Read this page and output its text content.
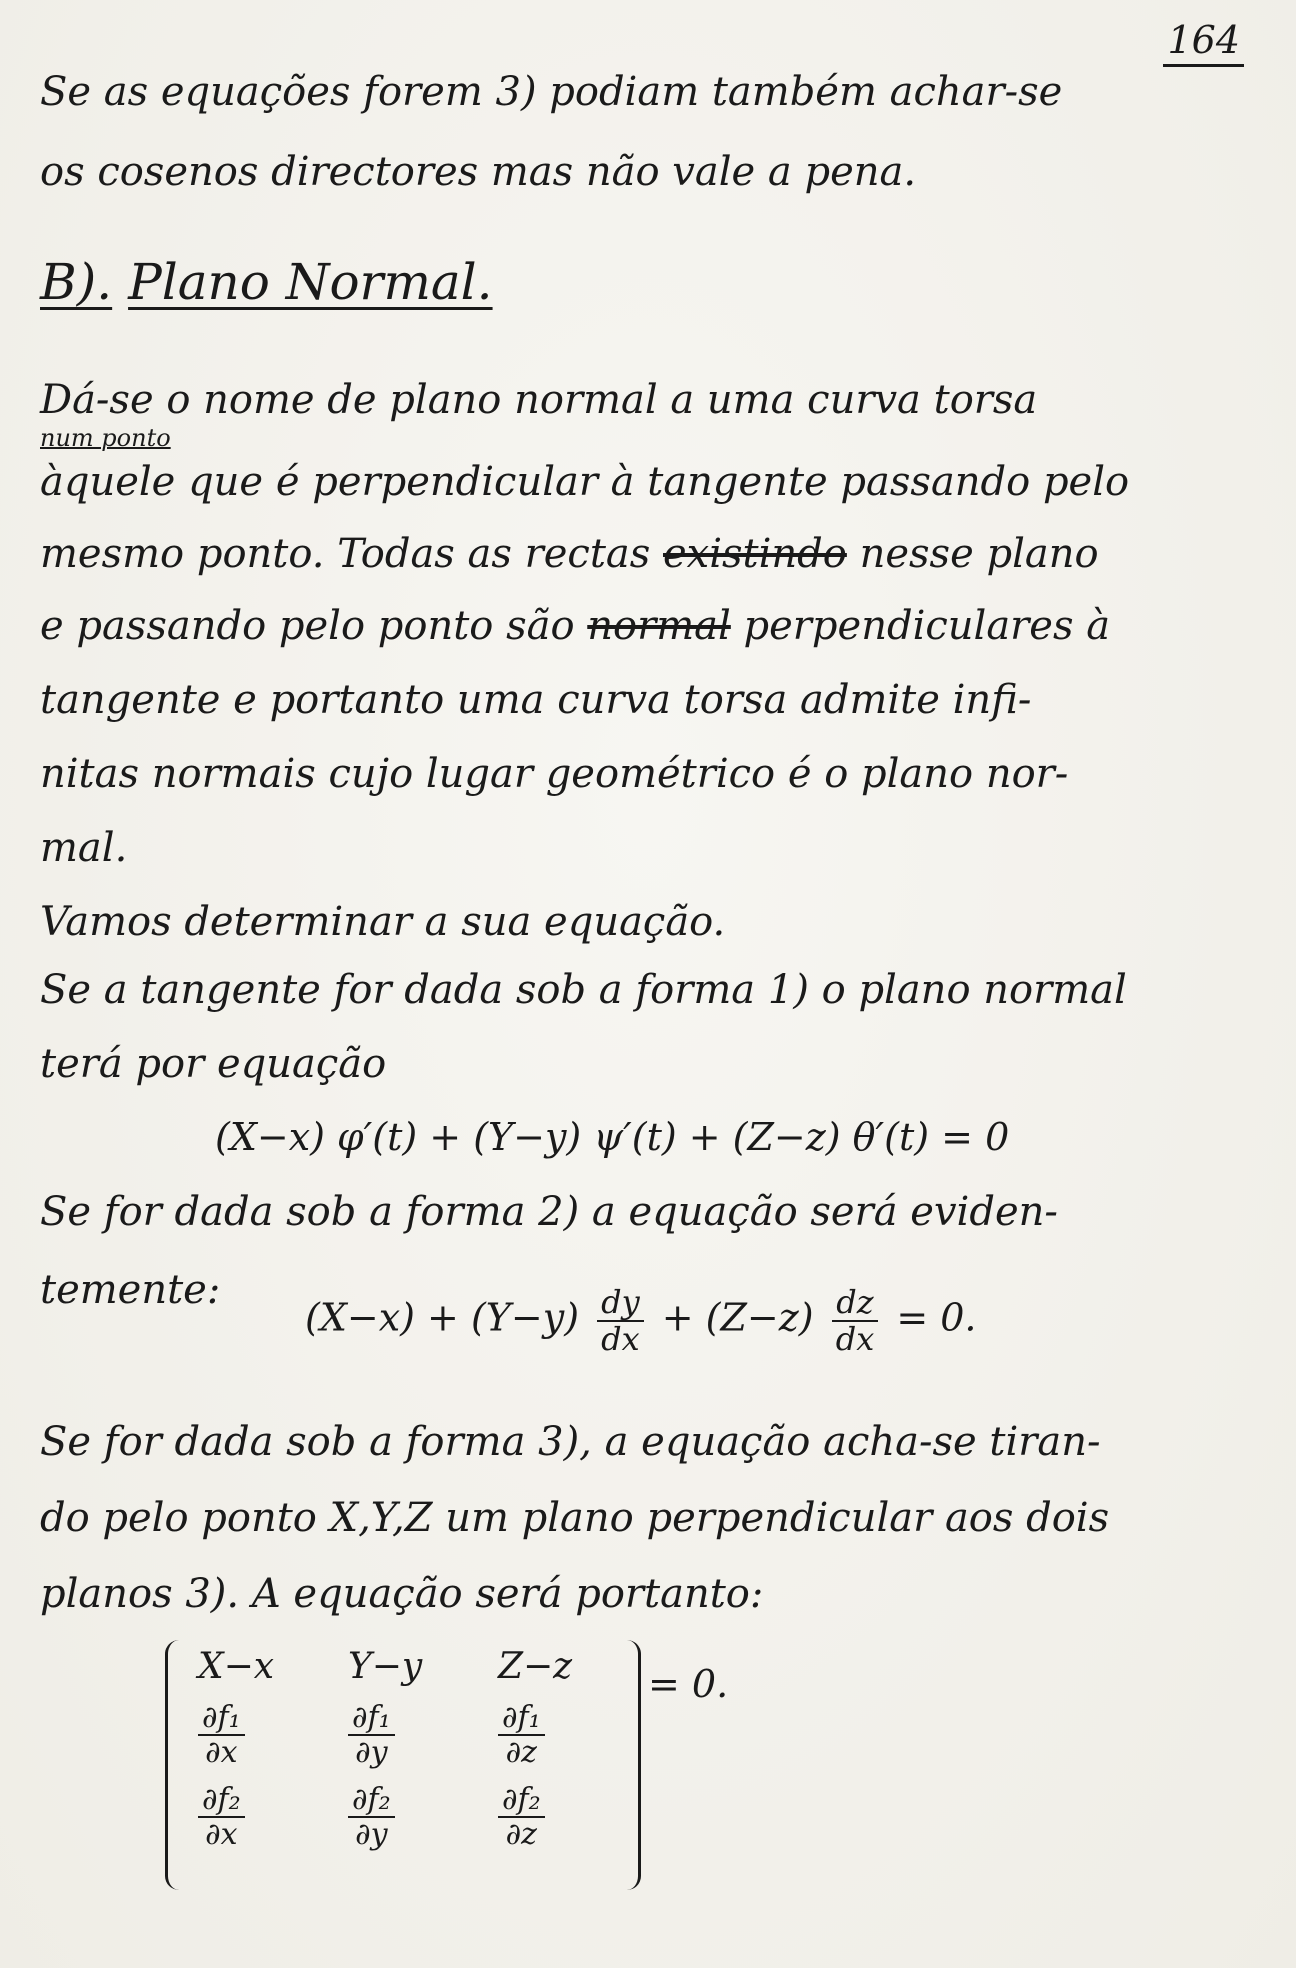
164
Se as equações forem 3) podiam também achar-se
os cosenos directores mas não vale a pena.
B). Plano Normal.
Dá-se o nome de plano normal a uma curva torsa
num ponto
àquele que é perpendicular à tangente passando pelo
mesmo ponto. Todas as rectas existindo nesse plano
e passando pelo ponto são normal perpendiculares à
tangente e portanto uma curva torsa admite infi-
nitas normais cujo lugar geométrico é o plano nor-
mal.
Vamos determinar a sua equação.
Se a tangente for dada sob a forma 1) o plano normal
terá por equação
(X−x) φ′(t) + (Y−y) ψ′(t) + (Z−z) θ′(t) = 0
Se for dada sob a forma 2) a equação será eviden-
temente:
$(X-x) + (Y-y) \frac{dy}{dx} + (Z-z) \frac{dz}{dx} = 0$.
Se for dada sob a forma 3), a equação acha-se tiran-
do pelo ponto X,Y,Z um plano perpendicular aos dois
planos 3). A equação será portanto:
X−x	Y−y	Z−z
$\frac{\text{∂f₁}}{\partial x}$	$\frac{\text{∂f₁}}{\partial y}$	$\frac{\text{∂f₁}}{\partial z}$
$\frac{\text{∂f₂}}{\partial x}$	$\frac{\text{∂f₂}}{\partial y}$	$\frac{\text{∂f₂}}{\partial z}$
= 0.
